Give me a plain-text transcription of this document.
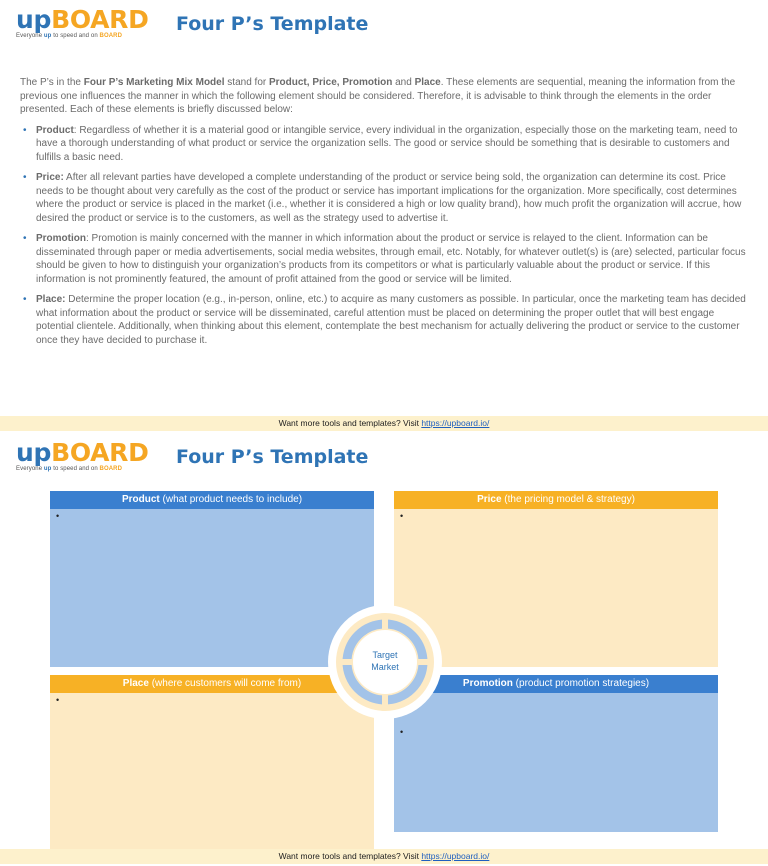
upBOARD
Everyone up to speed and on BOARD
Four P’s Template

The P’s in the Four P’s Marketing Mix Model stand for Product, Price, Promotion and Place. These elements are sequential, meaning the information from the previous one influences the manner in which the following element should be considered. Therefore, it is advisable to think through the elements in the order presented. Each of these elements is briefly discussed below:

• Product: Regardless of whether it is a material good or intangible service, every individual in the organization, especially those on the marketing team, need to have a thorough understanding of what product or service the organization sells. The good or service should be something that is desirable to customers and fulfills a basic need.
• Price: After all relevant parties have developed a complete understanding of the product or service being sold, the organization can determine its cost. Price needs to be thought about very carefully as the cost of the product or service has important implications for the organization. More specifically, cost determines where the product or service is placed in the market (i.e., whether it is considered a high or low quality brand), how much profit the organization will accrue, how desired the product or service is to the customers, as well as the strategy used to advertise it.
• Promotion: Promotion is mainly concerned with the manner in which information about the product or service is relayed to the client. Information can be disseminated through paper or media advertisements, social media websites, through email, etc. Notably, for whatever outlet(s) is (are) selected, particular focus should be given to how to distinguish your organization’s products from its competitors or what is particularly valuable about the product or service. If this information is not prominently featured, the amount of profit attained from the good or service will be limited.
• Place: Determine the proper location (e.g., in-person, online, etc.) to acquire as many customers as possible. In particular, once the marketing team has decided what information about the product or service will be disseminated, careful attention must be placed on determining the proper outlet that will best engage potential clientele. Additionally, when thinking about this element, contemplate the best mechanism for actually delivering the product or service to the customer once they have decided to purchase it.
Want more tools and templates? Visit https://upboard.io/
upBOARD
Everyone up to speed and on BOARD
Four P’s Template
Product (what product needs to include)
•
Price (the pricing model & strategy)
•
Place (where customers will come from)
•
Promotion (product promotion strategies)
•
Target
Market
Want more tools and templates? Visit https://upboard.io/
